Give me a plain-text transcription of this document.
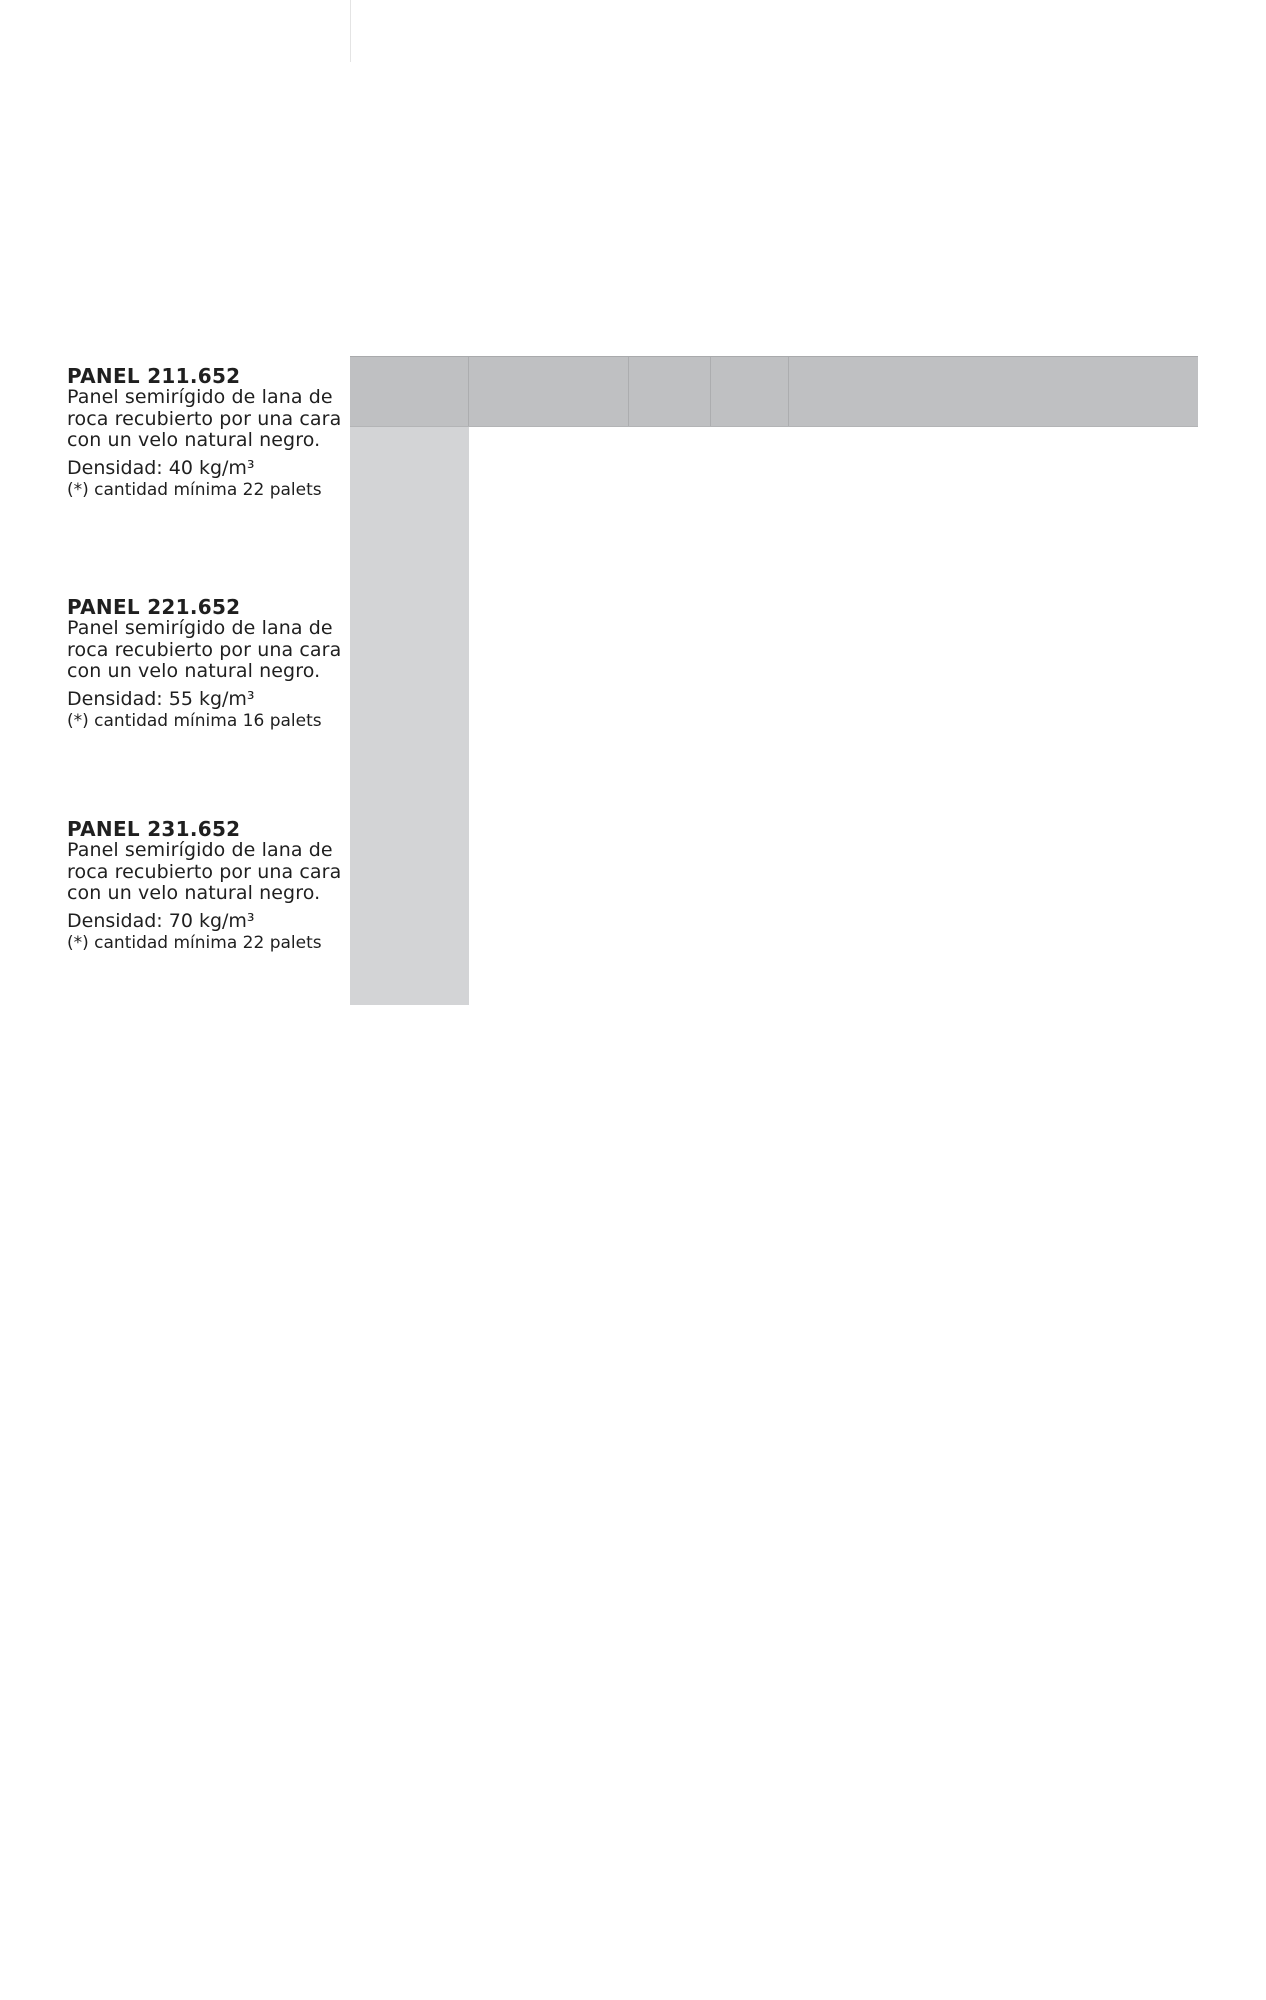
PANEL 211.652

Panel semirígido de lana de roca recubierto por una cara con un velo natural negro.

Densidad: 40 kg/m³

(*) cantidad mínima 22 palets

PANEL 221.652

Panel semirígido de lana de roca recubierto por una cara con un velo natural negro.

Densidad: 55 kg/m³

(*) cantidad mínima 16 palets

PANEL 231.652

Panel semirígido de lana de roca recubierto por una cara con un velo natural negro.

Densidad: 70 kg/m³

(*) cantidad mínima 22 palets
